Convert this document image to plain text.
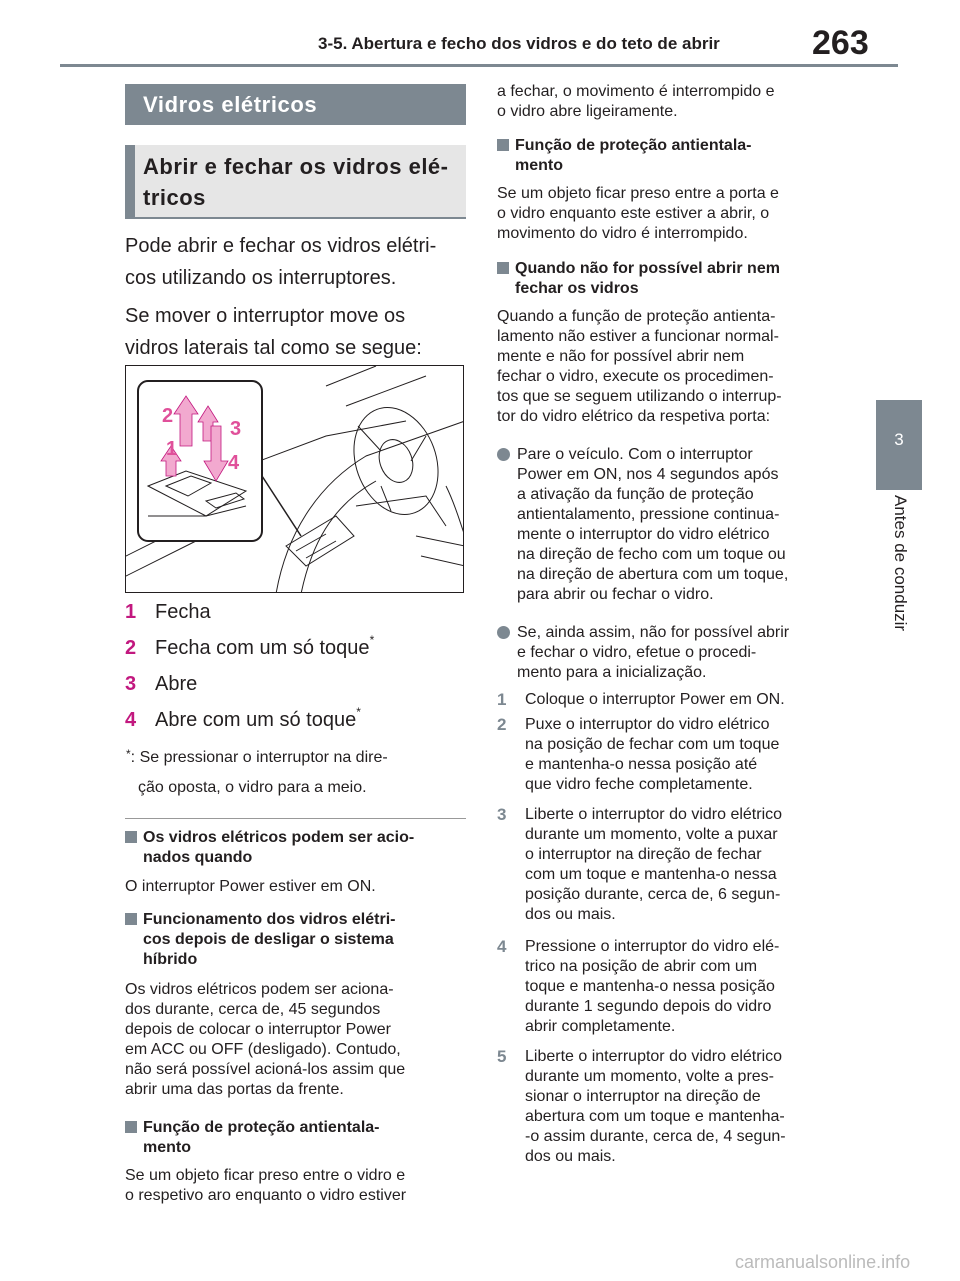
3-5. Abertura e fecho dos vidros e do teto de abrir	263
3
Antes de conduzir
Vidros elétricos
Abrir e fechar os vidros elé- tricos
Pode abrir e fechar os vidros elétri-
cos utilizando os interruptores.
Se mover o interruptor move os
vidros laterais tal como se segue:
2
1
3
4
1 Fecha
2 Fecha com um só toque*
3 Abre
4 Abre com um só toque*
*: Se pressionar o interruptor na dire-
ção oposta, o vidro para a meio.
Os vidros elétricos podem ser acio-
nados quando
O interruptor Power estiver em ON.
Funcionamento dos vidros elétri-
cos depois de desligar o sistema
híbrido
Os vidros elétricos podem ser aciona-
dos durante, cerca de, 45 segundos
depois de colocar o interruptor Power
em ACC ou OFF (desligado). Contudo,
não será possível acioná-los assim que
abrir uma das portas da frente.
Função de proteção antientala-
mento
Se um objeto ficar preso entre o vidro e
o respetivo aro enquanto o vidro estiver
a fechar, o movimento é interrompido e
o vidro abre ligeiramente.
Função de proteção antientala-
mento
Se um objeto ficar preso entre a porta e
o vidro enquanto este estiver a abrir, o
movimento do vidro é interrompido.
Quando não for possível abrir nem
fechar os vidros
Quando a função de proteção antienta-
lamento não estiver a funcionar normal-
mente e não for possível abrir nem
fechar o vidro, execute os procedimen-
tos que se seguem utilizando o interrup-
tor do vidro elétrico da respetiva porta:
Pare o veículo. Com o interruptor
Power em ON, nos 4 segundos após
a ativação da função de proteção
antientalamento, pressione continua-
mente o interruptor do vidro elétrico
na direção de fecho com um toque ou
na direção de abertura com um toque,
para abrir ou fechar o vidro.
Se, ainda assim, não for possível abrir
e fechar o vidro, efetue o procedi-
mento para a inicialização.
1 Coloque o interruptor Power em ON.
2 Puxe o interruptor do vidro elétrico
na posição de fechar com um toque
e mantenha-o nessa posição até
que vidro feche completamente.
3 Liberte o interruptor do vidro elétrico
durante um momento, volte a puxar
o interruptor na direção de fechar
com um toque e mantenha-o nessa
posição durante, cerca de, 6 segun-
dos ou mais.
4 Pressione o interruptor do vidro elé-
trico na posição de abrir com um
toque e mantenha-o nessa posição
durante 1 segundo depois do vidro
abrir completamente.
5 Liberte o interruptor do vidro elétrico
durante um momento, volte a pres-
sionar o interruptor na direção de
abertura com um toque e mantenha-
-o assim durante, cerca de, 4 segun-
dos ou mais.
carmanualsonline.info
